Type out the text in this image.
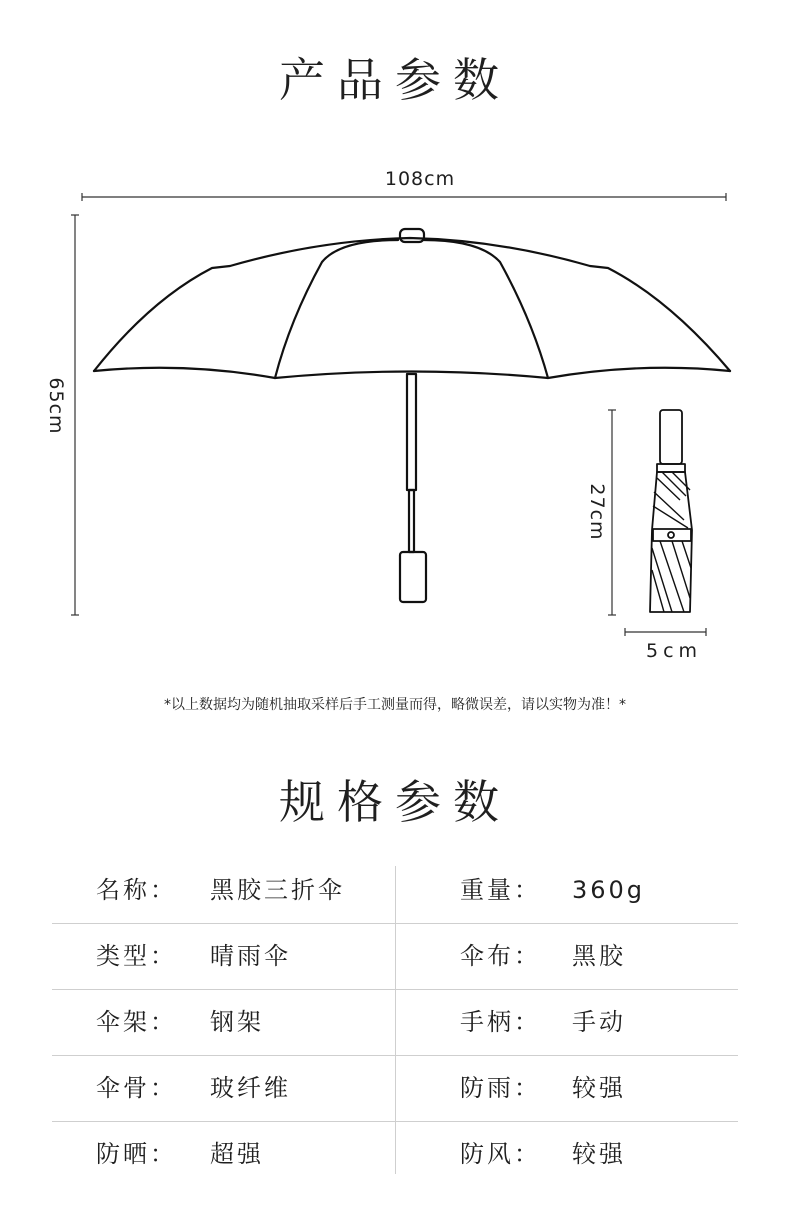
产品参数
108cm
65cm
27cm
5cm
*以上数据均为随机抽取采样后手工测量而得，略微误差，请以实物为准！*
规格参数
名称： 黑胶三折伞	重量： 360g
类型： 晴雨伞	伞布： 黑胶
伞架： 钢架	手柄： 手动
伞骨： 玻纤维	防雨： 较强
防晒： 超强	防风： 较强
